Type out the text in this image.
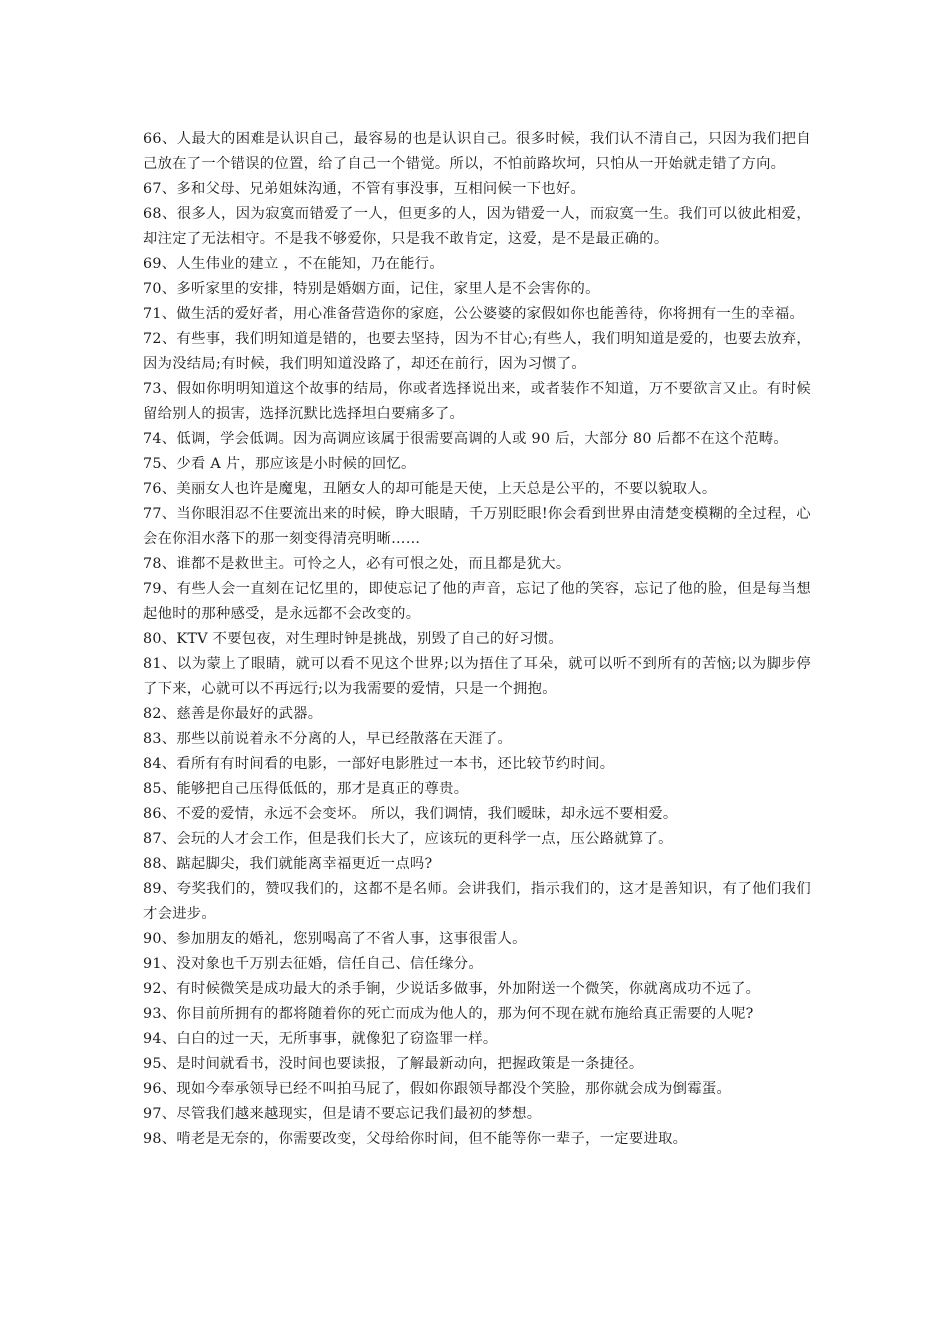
66、人最大的困难是认识自己，最容易的也是认识自己。很多时候，我们认不清自己，只因为我们把自己放在了一个错误的位置，给了自己一个错觉。所以，不怕前路坎坷，只怕从一开始就走错了方向。

67、多和父母、兄弟姐妹沟通，不管有事没事，互相问候一下也好。

68、很多人，因为寂寞而错爱了一人，但更多的人，因为错爱一人，而寂寞一生。我们可以彼此相爱，却注定了无法相守。不是我不够爱你，只是我不敢肯定，这爱，是不是最正确的。

69、人生伟业的建立 ，不在能知，乃在能行。

70、多听家里的安排，特别是婚姻方面，记住，家里人是不会害你的。

71、做生活的爱好者，用心准备营造你的家庭，公公婆婆的家假如你也能善待，你将拥有一生的幸福。

72、有些事，我们明知道是错的，也要去坚持，因为不甘心;有些人，我们明知道是爱的，也要去放弃，因为没结局;有时候，我们明知道没路了，却还在前行，因为习惯了。

73、假如你明明知道这个故事的结局，你或者选择说出来，或者装作不知道，万不要欲言又止。有时候留给别人的损害，选择沉默比选择坦白要痛多了。

74、低调，学会低调。因为高调应该属于很需要高调的人或 90 后，大部分 80 后都不在这个范畴。

75、少看 A 片，那应该是小时候的回忆。

76、美丽女人也许是魔鬼，丑陋女人的却可能是天使，上天总是公平的，不要以貌取人。

77、当你眼泪忍不住要流出来的时候，睁大眼睛，千万别眨眼!你会看到世界由清楚变模糊的全过程，心会在你泪水落下的那一刻变得清亮明晰……

78、谁都不是救世主。可怜之人，必有可恨之处，而且都是犹大。

79、有些人会一直刻在记忆里的，即使忘记了他的声音，忘记了他的笑容，忘记了他的脸，但是每当想起他时的那种感受，是永远都不会改变的。

80、KTV 不要包夜，对生理时钟是挑战，别毁了自己的好习惯。

81、以为蒙上了眼睛，就可以看不见这个世界;以为捂住了耳朵，就可以听不到所有的苦恼;以为脚步停了下来，心就可以不再远行;以为我需要的爱情，只是一个拥抱。

82、慈善是你最好的武器。

83、那些以前说着永不分离的人，早已经散落在天涯了。

84、看所有有时间看的电影，一部好电影胜过一本书，还比较节约时间。

85、能够把自己压得低低的，那才是真正的尊贵。

86、不爱的爱情，永远不会变坏。 所以，我们调情，我们暧昧，却永远不要相爱。

87、会玩的人才会工作，但是我们长大了，应该玩的更科学一点，压公路就算了。

88、踮起脚尖，我们就能离幸福更近一点吗?

89、夸奖我们的，赞叹我们的，这都不是名师。会讲我们，指示我们的，这才是善知识，有了他们我们才会进步。

90、参加朋友的婚礼，您别喝高了不省人事，这事很雷人。

91、没对象也千万别去征婚，信任自己、信任缘分。

92、有时候微笑是成功最大的杀手锏，少说话多做事，外加附送一个微笑，你就离成功不远了。

93、你目前所拥有的都将随着你的死亡而成为他人的，那为何不现在就布施给真正需要的人呢?

94、白白的过一天，无所事事，就像犯了窃盗罪一样。

95、是时间就看书，没时间也要读报，了解最新动向，把握政策是一条捷径。

96、现如今奉承领导已经不叫拍马屁了，假如你跟领导都没个笑脸，那你就会成为倒霉蛋。

97、尽管我们越来越现实，但是请不要忘记我们最初的梦想。

98、啃老是无奈的，你需要改变，父母给你时间，但不能等你一辈子，一定要进取。
